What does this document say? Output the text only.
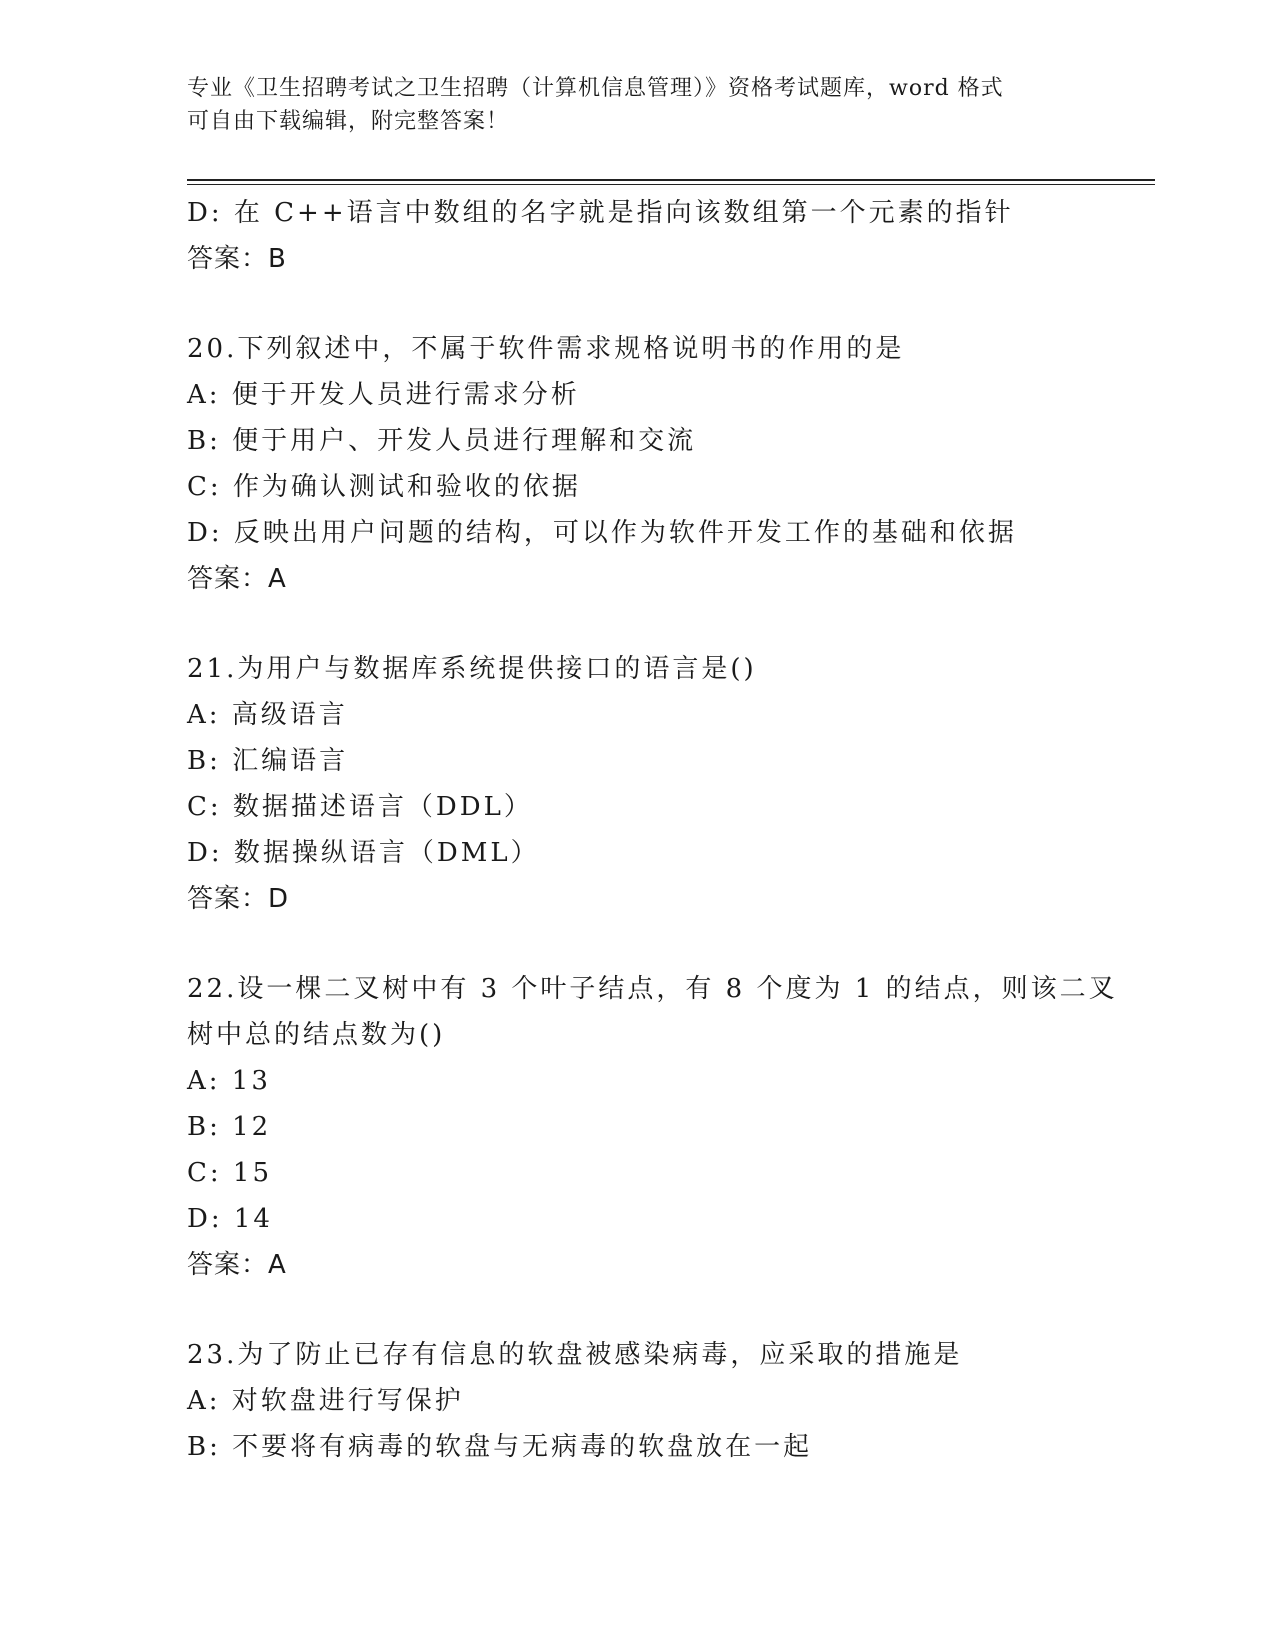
专业《卫生招聘考试之卫生招聘（计算机信息管理）》资格考试题库，word 格式
可自由下载编辑，附完整答案！
D: 在 C++语言中数组的名字就是指向该数组第一个元素的指针
答案：B
20.下列叙述中，不属于软件需求规格说明书的作用的是
A: 便于开发人员进行需求分析
B: 便于用户、开发人员进行理解和交流
C: 作为确认测试和验收的依据
D: 反映出用户问题的结构，可以作为软件开发工作的基础和依据
答案：A
21.为用户与数据库系统提供接口的语言是()
A: 高级语言
B: 汇编语言
C: 数据描述语言（DDL）
D: 数据操纵语言（DML）
答案：D
22.设一棵二叉树中有 3 个叶子结点，有 8 个度为 1 的结点，则该二叉
树中总的结点数为()
A: 13
B: 12
C: 15
D: 14
答案：A
23.为了防止已存有信息的软盘被感染病毒，应采取的措施是
A: 对软盘进行写保护
B: 不要将有病毒的软盘与无病毒的软盘放在一起
